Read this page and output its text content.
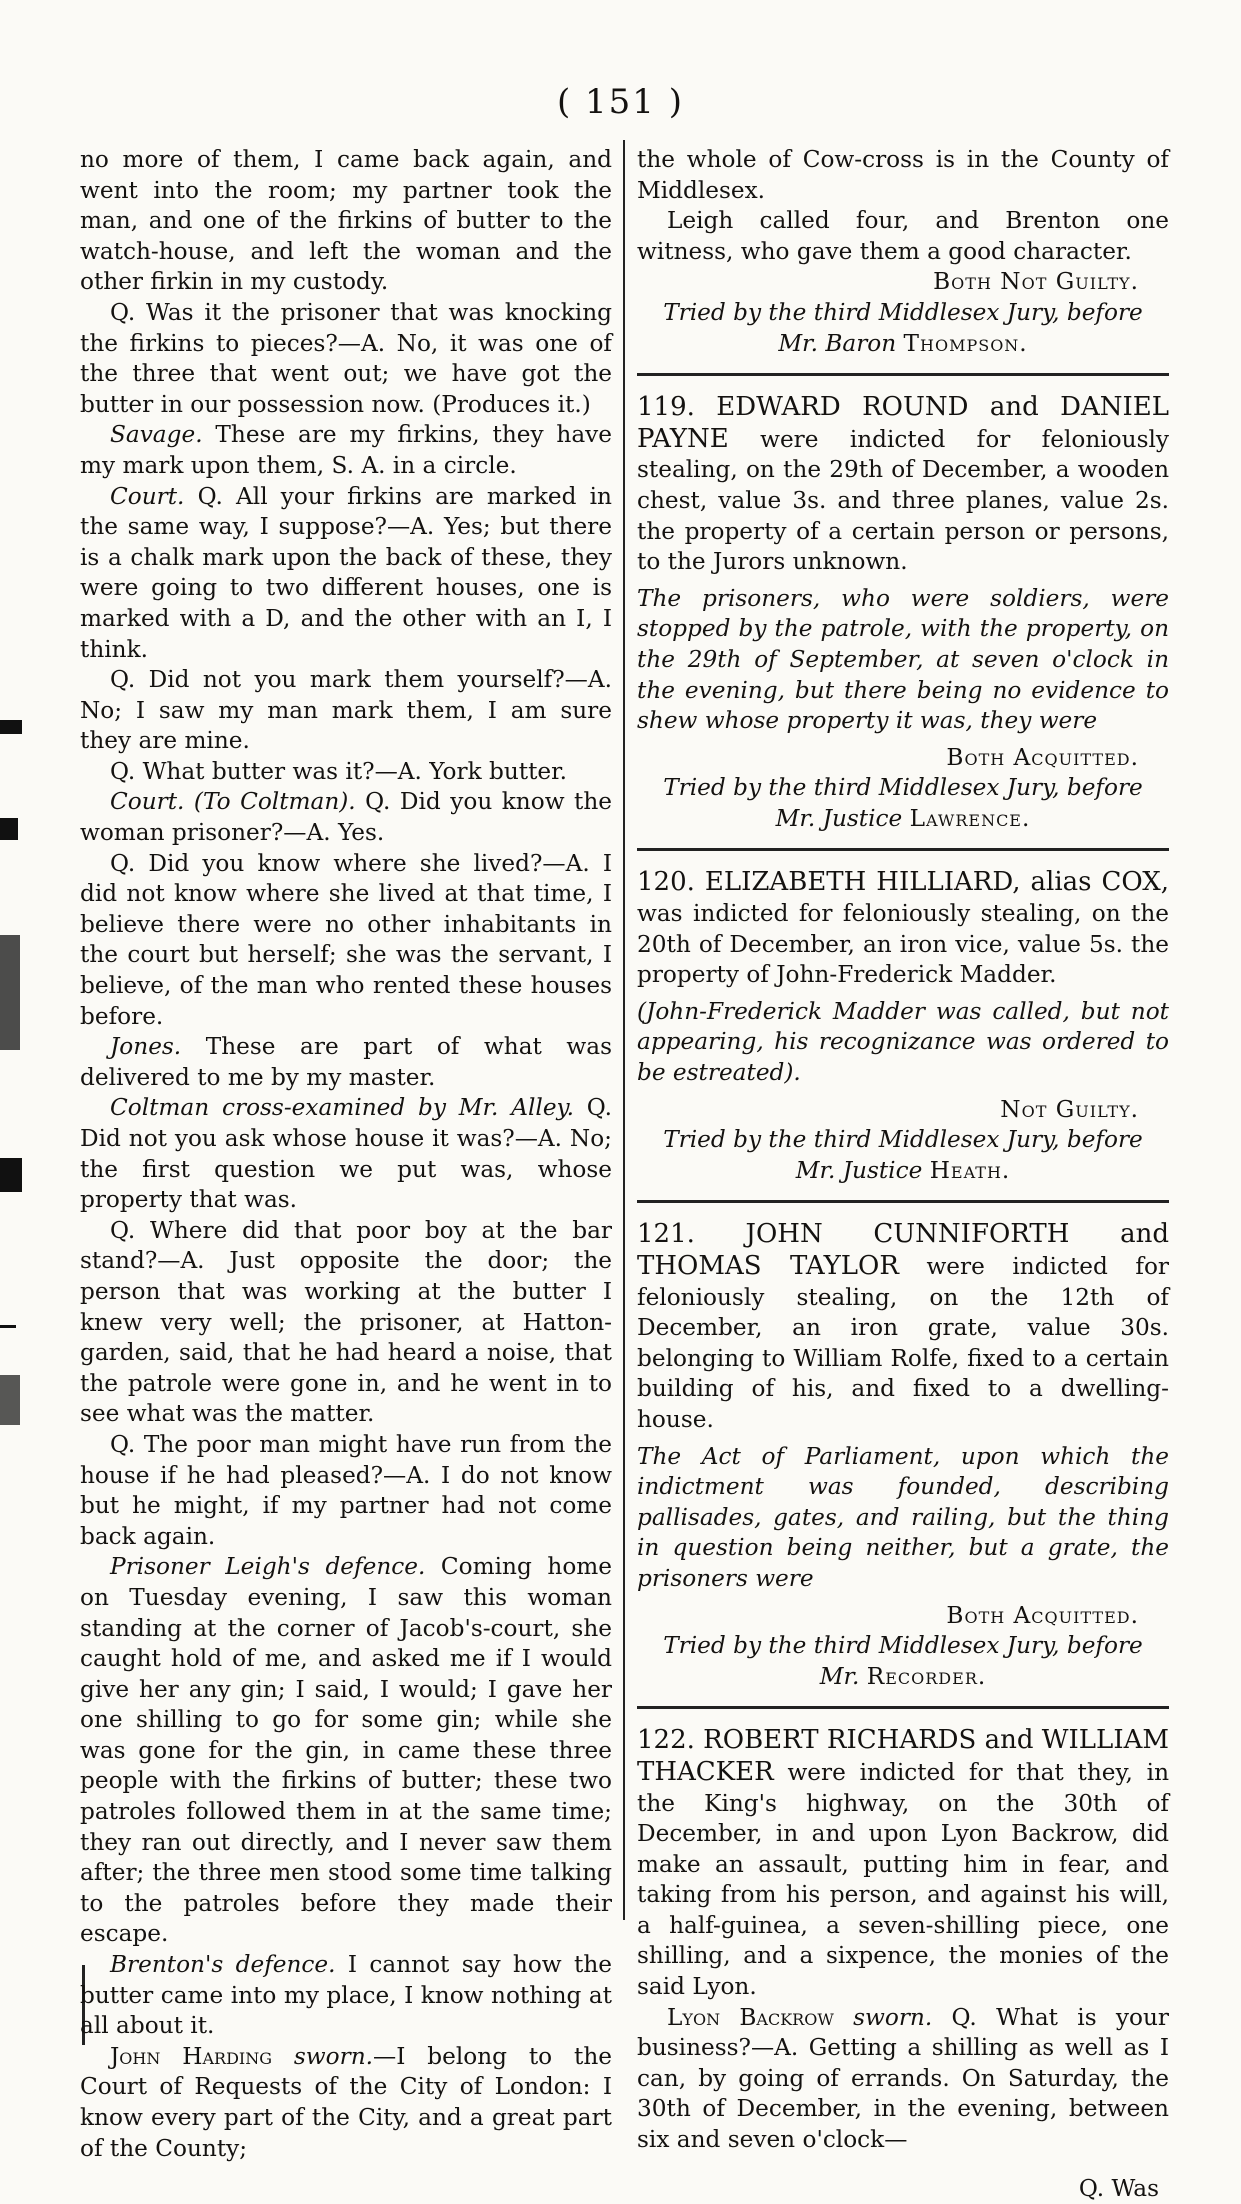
( 151 )

no more of them, I came back again, and went into the room; my partner took the man, and one of the firkins of butter to the watch-house, and left the woman and the other firkin in my custody.

Q. Was it the prisoner that was knocking the firkins to pieces?—A. No, it was one of the three that went out; we have got the butter in our possession now. (Produces it.)

Savage. These are my firkins, they have my mark upon them, S. A. in a circle.

Court. Q. All your firkins are marked in the same way, I suppose?—A. Yes; but there is a chalk mark upon the back of these, they were going to two different houses, one is marked with a D, and the other with an I, I think.

Q. Did not you mark them yourself?—A. No; I saw my man mark them, I am sure they are mine.

Q. What butter was it?—A. York butter.

Court. (To Coltman). Q. Did you know the woman prisoner?—A. Yes.

Q. Did you know where she lived?—A. I did not know where she lived at that time, I believe there were no other inhabitants in the court but herself; she was the servant, I believe, of the man who rented these houses before.

Jones. These are part of what was delivered to me by my master.

Coltman cross-examined by Mr. Alley. Q. Did not you ask whose house it was?—A. No; the first question we put was, whose property that was.

Q. Where did that poor boy at the bar stand?—A. Just opposite the door; the person that was working at the butter I knew very well; the prisoner, at Hatton-garden, said, that he had heard a noise, that the patrole were gone in, and he went in to see what was the matter.

Q. The poor man might have run from the house if he had pleased?—A. I do not know but he might, if my partner had not come back again.

Prisoner Leigh's defence. Coming home on Tuesday evening, I saw this woman standing at the corner of Jacob's-court, she caught hold of me, and asked me if I would give her any gin; I said, I would; I gave her one shilling to go for some gin; while she was gone for the gin, in came these three people with the firkins of butter; these two patroles followed them in at the same time; they ran out directly, and I never saw them after; the three men stood some time talking to the patroles before they made their escape.

Brenton's defence. I cannot say how the butter came into my place, I know nothing at all about it.

John Harding sworn.—I belong to the Court of Requests of the City of London: I know every part of the City, and a great part of the County;

the whole of Cow-cross is in the County of Middlesex.

Leigh called four, and Brenton one witness, who gave them a good character.

Both Not Guilty.

Tried by the third Middlesex Jury, before

Mr. Baron Thompson.

119. EDWARD ROUND and DANIEL PAYNE were indicted for feloniously stealing, on the 29th of December, a wooden chest, value 3s. and three planes, value 2s. the property of a certain person or persons, to the Jurors unknown.

The prisoners, who were soldiers, were stopped by the patrole, with the property, on the 29th of September, at seven o'clock in the evening, but there being no evidence to shew whose property it was, they were

Both Acquitted.

Tried by the third Middlesex Jury, before

Mr. Justice Lawrence.

120. ELIZABETH HILLIARD, alias COX, was indicted for feloniously stealing, on the 20th of December, an iron vice, value 5s. the property of John-Frederick Madder.

(John-Frederick Madder was called, but not appearing, his recognizance was ordered to be estreated).

Not Guilty.

Tried by the third Middlesex Jury, before

Mr. Justice Heath.

121. JOHN CUNNIFORTH and THOMAS TAYLOR were indicted for feloniously stealing, on the 12th of December, an iron grate, value 30s. belonging to William Rolfe, fixed to a certain building of his, and fixed to a dwelling-house.

The Act of Parliament, upon which the indictment was founded, describing pallisades, gates, and railing, but the thing in question being neither, but a grate, the prisoners were

Both Acquitted.

Tried by the third Middlesex Jury, before

Mr. Recorder.

122. ROBERT RICHARDS and WILLIAM THACKER were indicted for that they, in the King's highway, on the 30th of December, in and upon Lyon Backrow, did make an assault, putting him in fear, and taking from his person, and against his will, a half-guinea, a seven-shilling piece, one shilling, and a sixpence, the monies of the said Lyon.

Lyon Backrow sworn. Q. What is your business?—A. Getting a shilling as well as I can, by going of errands. On Saturday, the 30th of December, in the evening, between six and seven o'clock—

Q. Was
